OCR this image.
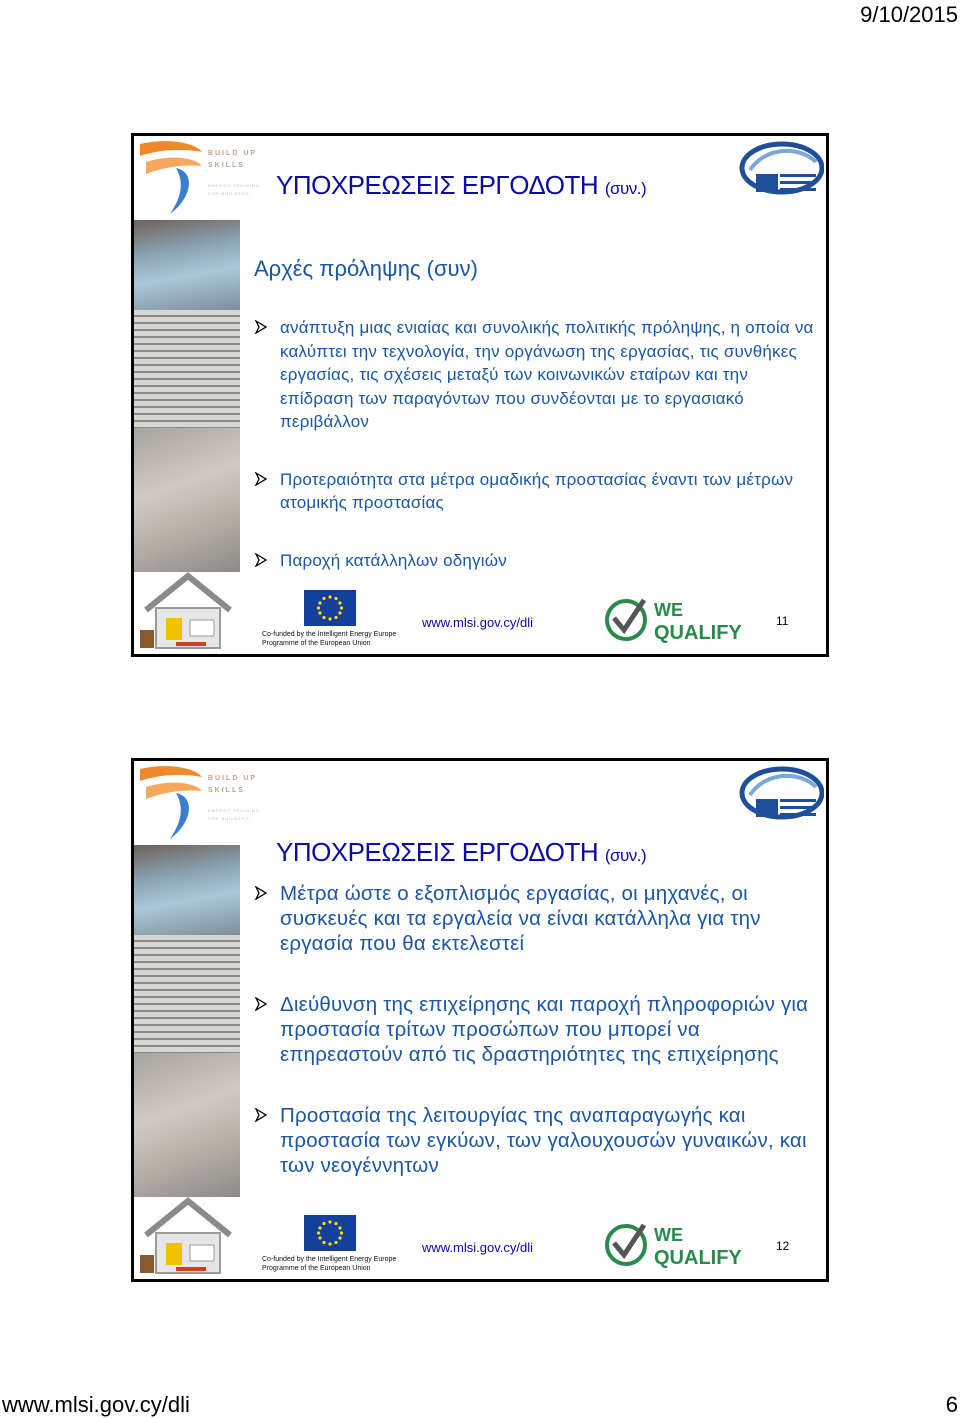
9/10/2015
BUILD UP
SKILLS
ENERGY TRAINING
FOR BUILDERS	ΥΠΟΧΡΕΩΣΕΙΣ ΕΡΓΟΔΟΤΗ (συν.)
Αρχές πρόληψης (συν)
ανάπτυξη μιας ενιαίας και συνολικής πολιτικής πρόληψης, η οποία να καλύπτει την τεχνολογία, την οργάνωση της εργασίας, τις συνθήκες εργασίας, τις σχέσεις μεταξύ των κοινωνικών εταίρων και την επίδραση των παραγόντων που συνδέονται με το εργασιακό περιβάλλον
Προτεραιότητα στα μέτρα ομαδικής προστασίας έναντι των μέτρων ατομικής προστασίας
Παροχή κατάλληλων οδηγιών
Co-funded by the Intelligent Energy Europe
Programme of the European Union
www.mlsi.gov.cy/dli
WE
QUALIFY
11
BUILD UP
SKILLS
ENERGY TRAINING
FOR BUILDERS
ΥΠΟΧΡΕΩΣΕΙΣ ΕΡΓΟΔΟΤΗ (συν.)
Μέτρα ώστε ο εξοπλισμός εργασίας, οι μηχανές, οι συσκευές και τα εργαλεία να είναι κατάλληλα για την εργασία που θα εκτελεστεί
Διεύθυνση της επιχείρησης και παροχή πληροφοριών για προστασία τρίτων προσώπων που μπορεί να επηρεαστούν από τις δραστηριότητες της επιχείρησης
Προστασία της λειτουργίας της αναπαραγωγής και προστασία των εγκύων, των γαλουχουσών γυναικών, και των νεογέννητων
Co-funded by the Intelligent Energy Europe
Programme of the European Union
www.mlsi.gov.cy/dli
WE
QUALIFY
12
www.mlsi.gov.cy/dli	6
